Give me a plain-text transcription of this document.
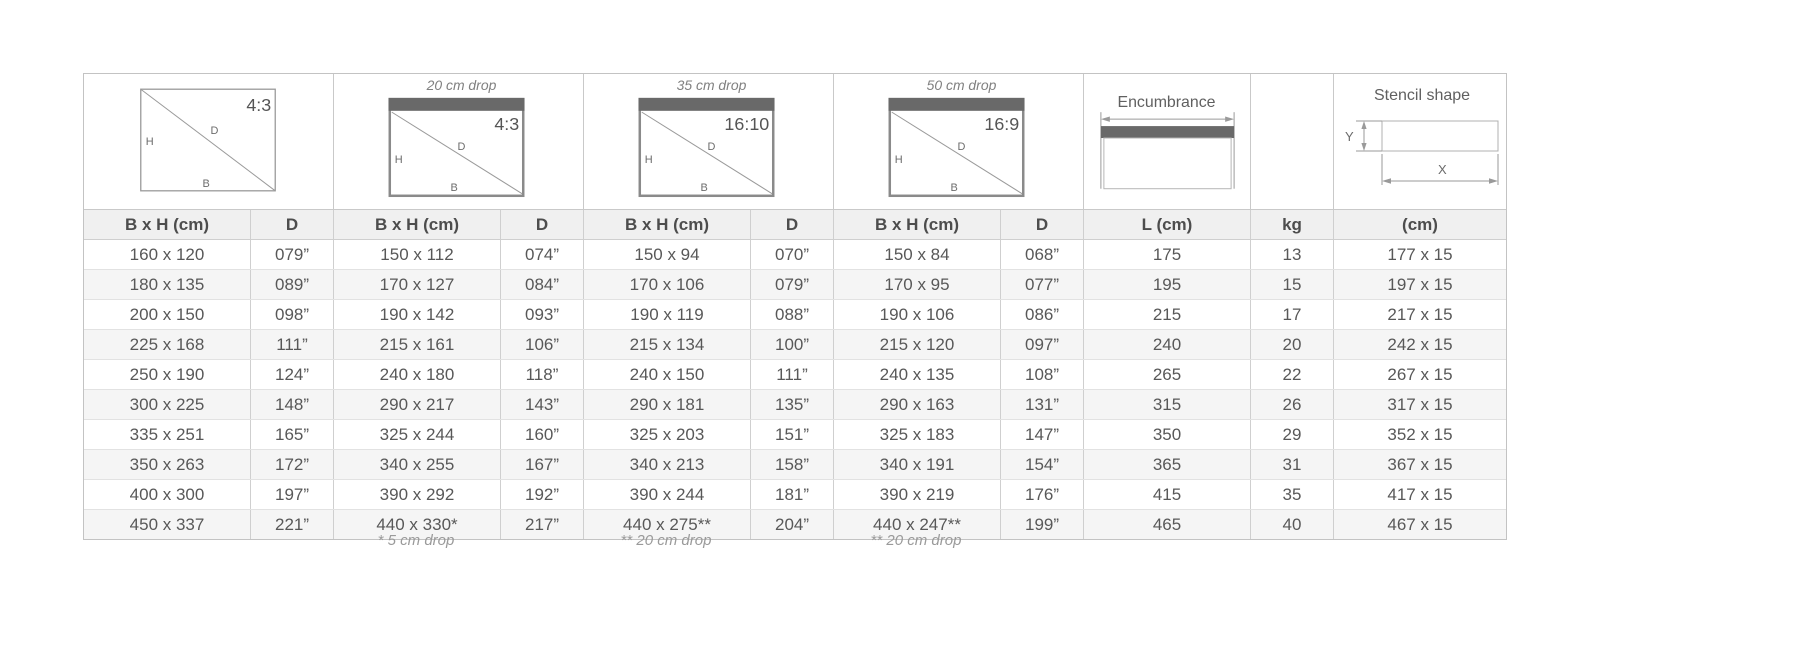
4:3
H
D
B
20 cm drop
4:3
H
D
B
35 cm drop
16:10
H
D
B
50 cm drop
16:9
H
D
B
Encumbrance	Stencil shape
Y
X
B x H (cm)	D	B x H (cm)	D	B x H (cm)	D	B x H (cm)	D	L (cm)	kg	(cm)
160 x 120	079”	150 x 112	074”	150 x 94	070”	150 x 84	068”	175	13	177 x 15
180 x 135	089”	170 x 127	084”	170 x 106	079”	170 x 95	077”	195	15	197 x 15
200 x 150	098”	190 x 142	093”	190 x 119	088”	190 x 106	086”	215	17	217 x 15
225 x 168	111”	215 x 161	106”	215 x 134	100”	215 x 120	097”	240	20	242 x 15
250 x 190	124”	240 x 180	118”	240 x 150	111”	240 x 135	108”	265	22	267 x 15
300 x 225	148”	290 x 217	143”	290 x 181	135”	290 x 163	131”	315	26	317 x 15
335 x 251	165”	325 x 244	160”	325 x 203	151”	325 x 183	147”	350	29	352 x 15
350 x 263	172”	340 x 255	167”	340 x 213	158”	340 x 191	154”	365	31	367 x 15
400 x 300	197”	390 x 292	192”	390 x 244	181”	390 x 219	176”	415	35	417 x 15
450 x 337	221”	440 x 330*	217”	440 x 275**	204”	440 x 247**	199”	465	40	467 x 15
* 5 cm drop	** 20 cm drop	** 20 cm drop
